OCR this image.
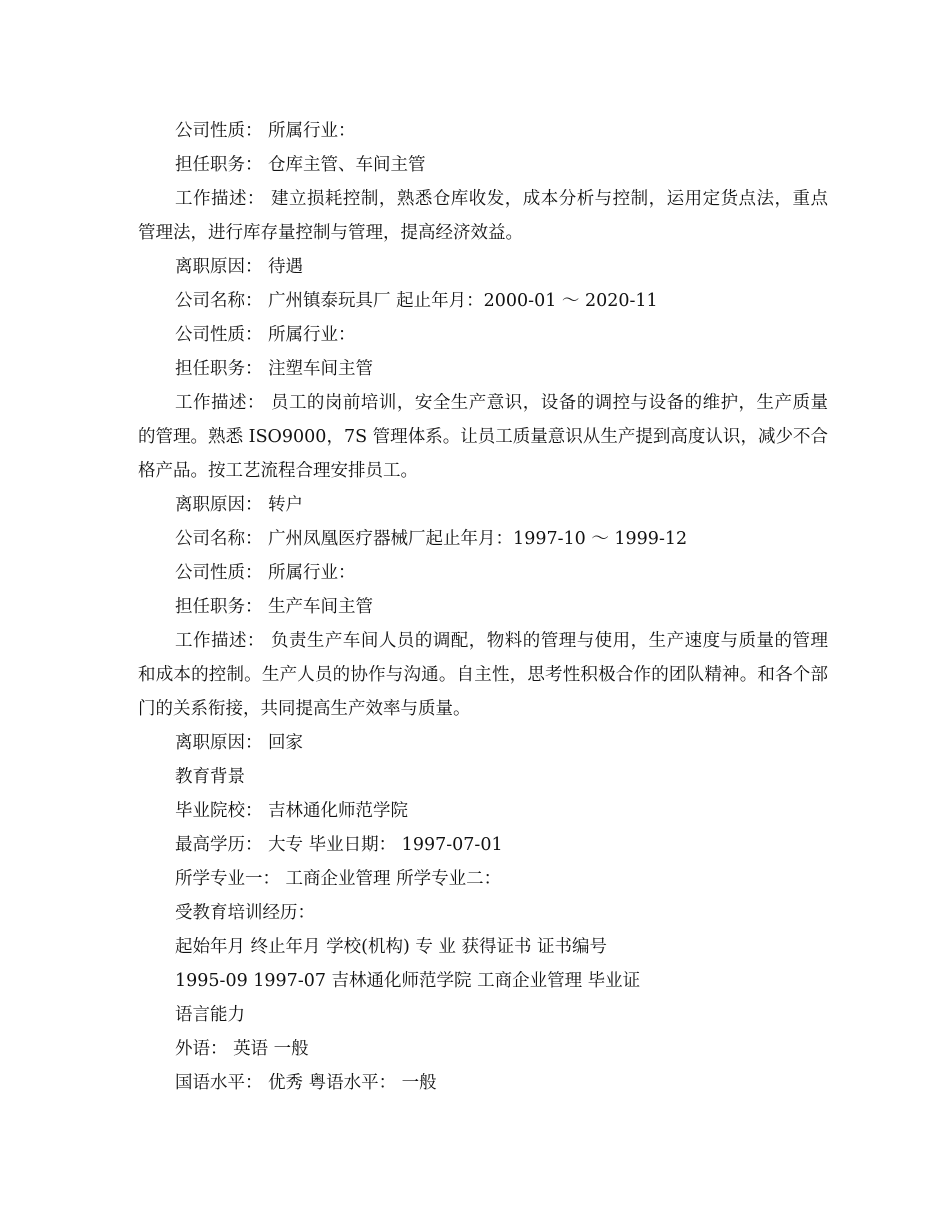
公司性质： 所属行业：
担任职务： 仓库主管、车间主管
工作描述： 建立损耗控制，熟悉仓库收发，成本分析与控制，运用定货点法，重点管理法，进行库存量控制与管理，提高经济效益。
离职原因： 待遇
公司名称： 广州镇泰玩具厂 起止年月：2000-01 ～ 2020-11
公司性质： 所属行业：
担任职务： 注塑车间主管
工作描述： 员工的岗前培训，安全生产意识，设备的调控与设备的维护，生产质量的管理。熟悉 ISO9000，7S 管理体系。让员工质量意识从生产提到高度认识，减少不合格产品。按工艺流程合理安排员工。
离职原因： 转户
公司名称： 广州凤凰医疗器械厂起止年月：1997-10 ～ 1999-12
公司性质： 所属行业：
担任职务： 生产车间主管
工作描述： 负责生产车间人员的调配，物料的管理与使用，生产速度与质量的管理和成本的控制。生产人员的协作与沟通。自主性，思考性积极合作的团队精神。和各个部门的关系衔接，共同提高生产效率与质量。
离职原因： 回家
教育背景
毕业院校： 吉林通化师范学院
最高学历： 大专 毕业日期： 1997-07-01
所学专业一： 工商企业管理 所学专业二：
受教育培训经历：
起始年月 终止年月 学校(机构) 专 业 获得证书 证书编号
1995-09 1997-07 吉林通化师范学院 工商企业管理 毕业证
语言能力
外语： 英语 一般
国语水平： 优秀 粤语水平： 一般
